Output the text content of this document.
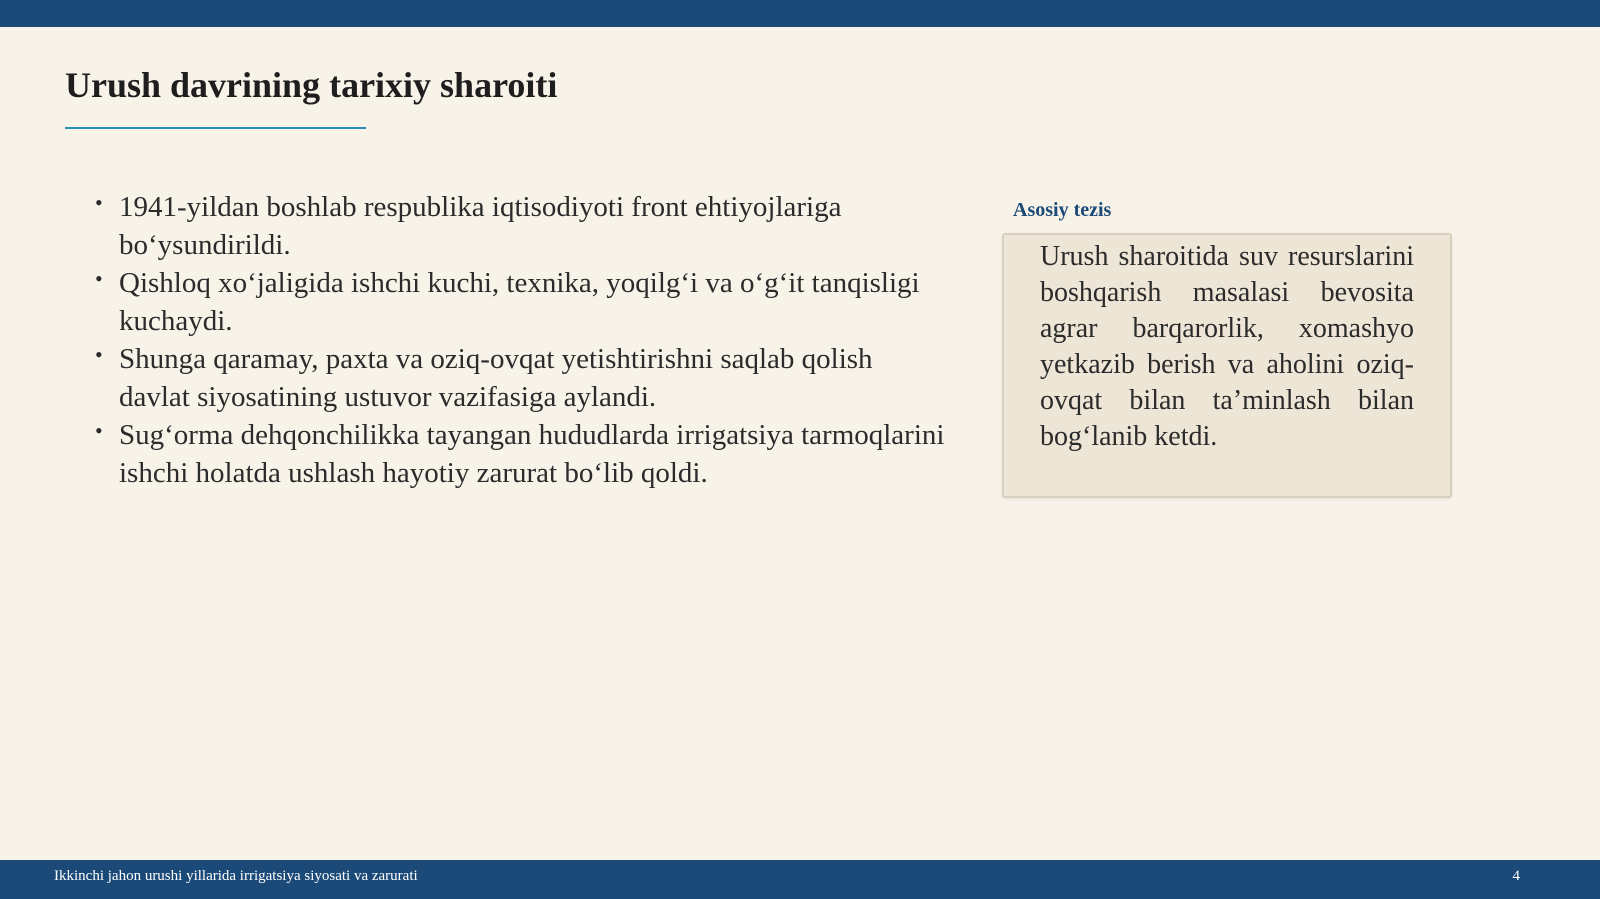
Urush davrining tarixiy sharoiti
• 1941-yildan boshlab respublika iqtisodiyoti front ehtiyojlariga bo‘ysundirildi.
• Qishloq xo‘jaligida ishchi kuchi, texnika, yoqilg‘i va o‘g‘it tanqisligi kuchaydi.
• Shunga qaramay, paxta va oziq-ovqat yetishtirishni saqlab qolish davlat siyosatining ustuvor vazifasiga aylandi.
• Sug‘orma dehqonchilikka tayangan hududlarda irrigatsiya tarmoqlarini ishchi holatda ushlash hayotiy zarurat bo‘lib qoldi.
Asosiy tezis
Urush sharoitida suv resurslarini boshqarish masalasi bevosita agrar barqarorlik, xomashyo yetkazib berish va aholini oziq-ovqat bilan ta’minlash bilan bog‘lanib ketdi.
Ikkinchi jahon urushi yillarida irrigatsiya siyosati va zarurati	4
